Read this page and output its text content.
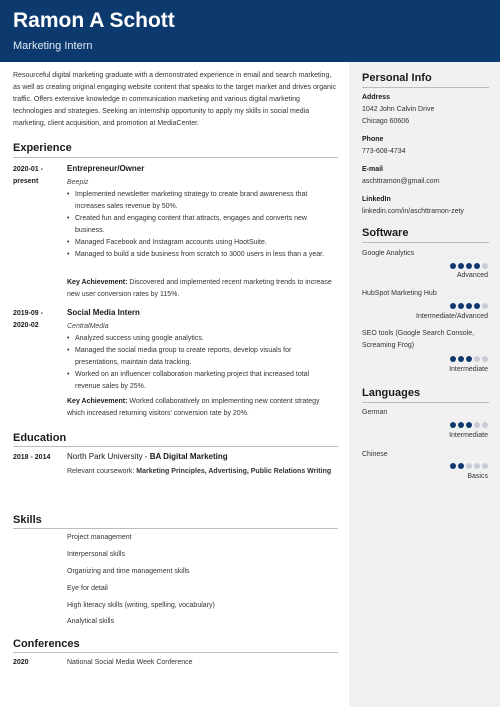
Ramon A Schott
Marketing Intern
Resourceful digital marketing graduate with a demonstrated experience in email and search marketing, as well as creating original engaging website content that speaks to the target market and drives organic traffic. Offers extensive knowledge in communication marketing and various digital marketing technologies and strategies. Seeking an internship opportunity to apply my skills in social media marketing, client acquisition, and promotion at MediaCenter.
Experience
2020-01 - present
Entrepreneur/Owner
Beepiz
• Implemented newsletter marketing strategy to create brand awareness that increases sales revenue by 50%.
• Created fun and engaging content that attracts, engages and converts new business.
• Managed Facebook and Instagram accounts using HootSuite.
• Managed to build a side business from scratch to 3000 users in less than a year.
Key Achievement: Discovered and implemented recent marketing trends to increase new user conversion rates by 115%.
2019-09 - 2020-02
Social Media Intern
CentralMedia
• Analyzed success using google analytics.
• Managed the social media group to create reports, develop visuals for presentations, maintain data tracking.
• Worked on an influencer collaboration marketing project that increased total revenue sales by 25%.
Key Achievement: Worked collaboratively on implementing new content strategy which increased returning visitors' conversion rate by 20%.
Education
2018 - 2014	North Park University - BA Digital Marketing
Relevant coursework: Marketing Principles, Advertising, Public Relations Writing
Skills
Project management
Interpersonal skills
Organizing and time management skills
Eye for detail
High literacy skills (writing, spelling, vocabulary)
Analytical skills
Conferences
2020	National Social Media Week Conference
Personal Info
Address
1042 John Calvin Drive
Chicago 60606
Phone
773-608-4734
E-mail
aschttramon@gmail.com
LinkedIn
linkedin.com/in/aschttramon-zety
Software
Google Analytics
Advanced
HubSpot Marketing Hub
Intermediate/Advanced
SEO tools (Google Search Console, Screaming Frog)
Intermediate
Languages
German
Intermediate
Chinese
Basics
